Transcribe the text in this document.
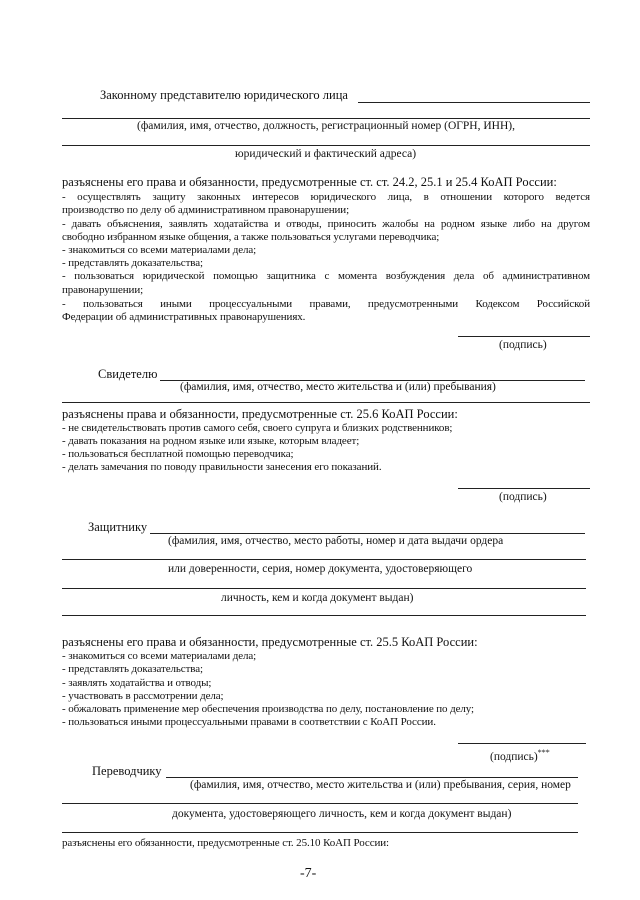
Законному представителю юридического лица
(фамилия, имя, отчество, должность, регистрационный номер (ОГРН, ИНН),
юридический и фактический адреса)
разъяснены его права и обязанности, предусмотренные ст. ст. 24.2, 25.1 и 25.4 КоАП России:
- осуществлять защиту законных интересов юридического лица, в отношении которого ведется
производство по делу об административном правонарушении;
- давать объяснения, заявлять ходатайства и отводы, приносить жалобы на родном языке либо на другом
свободно избранном языке общения, а также пользоваться услугами переводчика;
- знакомиться со всеми материалами дела;
- представлять доказательства;
- пользоваться юридической помощью защитника с момента возбуждения дела об административном
правонарушении;
- пользоваться иными процессуальными правами, предусмотренными Кодексом Российской
Федерации об административных правонарушениях.
(подпись)
Свидетелю
(фамилия, имя, отчество, место жительства и (или) пребывания)
разъяснены права и обязанности, предусмотренные ст. 25.6 КоАП России:
- не свидетельствовать против самого себя, своего супруга и близких родственников;
- давать показания на родном языке или языке, которым владеет;
- пользоваться бесплатной помощью переводчика;
- делать замечания по поводу правильности занесения его показаний.
(подпись)
Защитнику
(фамилия, имя, отчество, место работы, номер и дата выдачи ордера
или доверенности, серия, номер документа, удостоверяющего
личность, кем и когда документ выдан)
разъяснены его права и обязанности, предусмотренные ст. 25.5 КоАП России:
- знакомиться со всеми материалами дела;
- представлять доказательства;
- заявлять ходатайства и отводы;
- участвовать в рассмотрении дела;
- обжаловать применение мер обеспечения производства по делу, постановление по делу;
- пользоваться иными процессуальными правами в соответствии с КоАП России.
(подпись)***
Переводчику
(фамилия, имя, отчество, место жительства и (или) пребывания, серия, номер
документа, удостоверяющего личность, кем и когда документ выдан)
разъяснены его обязанности, предусмотренные ст. 25.10 КоАП России:
-7-
